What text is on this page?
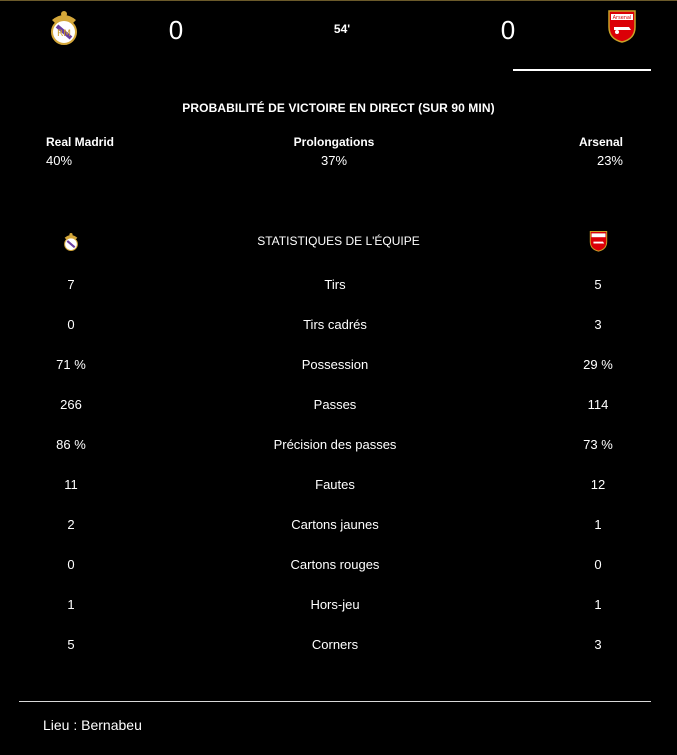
RM	0	54'	0	Arsenal
PROBABILITÉ DE VICTOIRE EN DIRECT (SUR 90 MIN)
Real Madrid
40%
Prolongations
37%
Arsenal
23%
STATISTIQUES DE L'ÉQUIPE
7	Tirs	5
0	Tirs cadrés	3
71 %	Possession	29 %
266	Passes	114
86 %	Précision des passes	73 %
11	Fautes	12
2	Cartons jaunes	1
0	Cartons rouges	0
1	Hors-jeu	1
5	Corners	3
Lieu : Bernabeu
